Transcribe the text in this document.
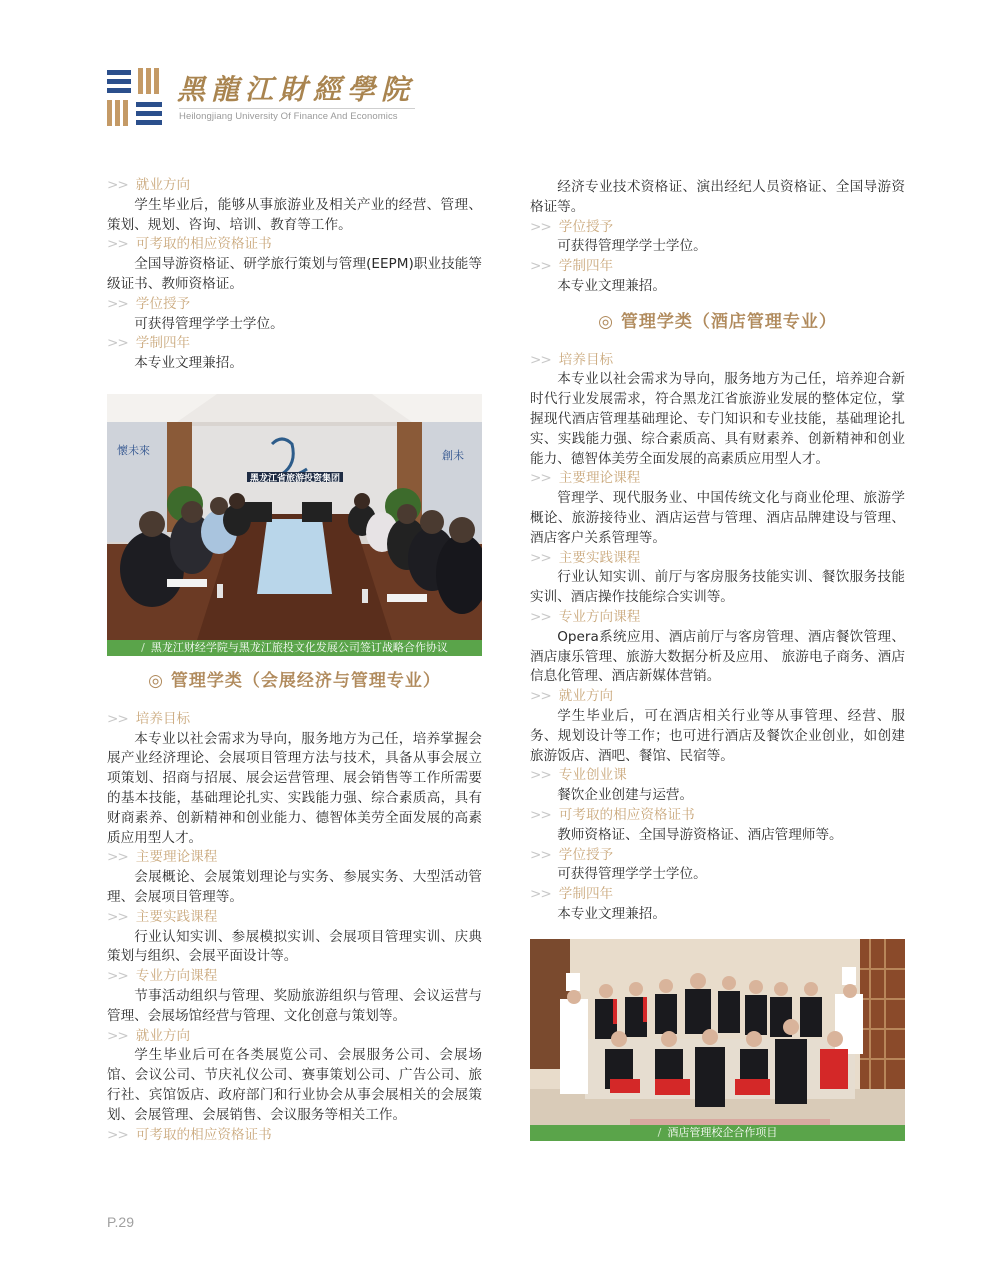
黑龍江財經學院
Heilongjiang University Of Finance And Economics
>> 就业方向

学生毕业后，能够从事旅游业及相关产业的经营、管理、策划、规划、咨询、培训、教育等工作。

>> 可考取的相应资格证书

全国导游资格证、研学旅行策划与管理(EEPM)职业技能等级证书、教师资格证。

>> 学位授予

可获得管理学学士学位。

>> 学制四年

本专业文理兼招。

黑龙江省旅游投资集团
懷未來	創未
/ 黑龙江财经学院与黑龙江旅投文化发展公司签订战略合作协议
◎ 管理学类（会展经济与管理专业）
>> 培养目标

本专业以社会需求为导向，服务地方为己任，培养掌握会展产业经济理论、会展项目管理方法与技术，具备从事会展立项策划、招商与招展、展会运营管理、展会销售等工作所需要的基本技能，基础理论扎实、实践能力强、综合素质高，具有财商素养、创新精神和创业能力、德智体美劳全面发展的高素质应用型人才。

>> 主要理论课程

会展概论、会展策划理论与实务、参展实务、大型活动管理、会展项目管理等。

>> 主要实践课程

行业认知实训、参展模拟实训、会展项目管理实训、庆典策划与组织、会展平面设计等。

>> 专业方向课程

节事活动组织与管理、奖励旅游组织与管理、会议运营与管理、会展场馆经营与管理、文化创意与策划等。

>> 就业方向

学生毕业后可在各类展览公司、会展服务公司、会展场馆、会议公司、节庆礼仪公司、赛事策划公司、广告公司、旅行社、宾馆饭店、政府部门和行业协会从事会展相关的会展策划、会展管理、会展销售、会议服务等相关工作。

>> 可考取的相应资格证书

经济专业技术资格证、演出经纪人员资格证、全国导游资格证等。

>> 学位授予

可获得管理学学士学位。

>> 学制四年

本专业文理兼招。

◎ 管理学类（酒店管理专业）
>> 培养目标

本专业以社会需求为导向，服务地方为己任，培养迎合新时代行业发展需求，符合黑龙江省旅游业发展的整体定位，掌握现代酒店管理基础理论、专门知识和专业技能，基础理论扎实、实践能力强、综合素质高、具有财素养、创新精神和创业能力、德智体美劳全面发展的高素质应用型人才。

>> 主要理论课程

管理学、现代服务业、中国传统文化与商业伦理、旅游学概论、旅游接待业、酒店运营与管理、酒店品牌建设与管理、酒店客户关系管理等。

>> 主要实践课程

行业认知实训、前厅与客房服务技能实训、餐饮服务技能实训、酒店操作技能综合实训等。

>> 专业方向课程

Opera系统应用、酒店前厅与客房管理、酒店餐饮管理、酒店康乐管理、旅游大数据分析及应用、 旅游电子商务、酒店信息化管理、酒店新媒体营销。

>> 就业方向

学生毕业后，可在酒店相关行业等从事管理、经营、服务、规划设计等工作；也可进行酒店及餐饮企业创业，如创建旅游饭店、酒吧、餐馆、民宿等。

>> 专业创业课

餐饮企业创建与运营。

>> 可考取的相应资格证书

教师资格证、全国导游资格证、酒店管理师等。

>> 学位授予

可获得管理学学士学位。

>> 学制四年

本专业文理兼招。

/ 酒店管理校企合作项目
P.29
